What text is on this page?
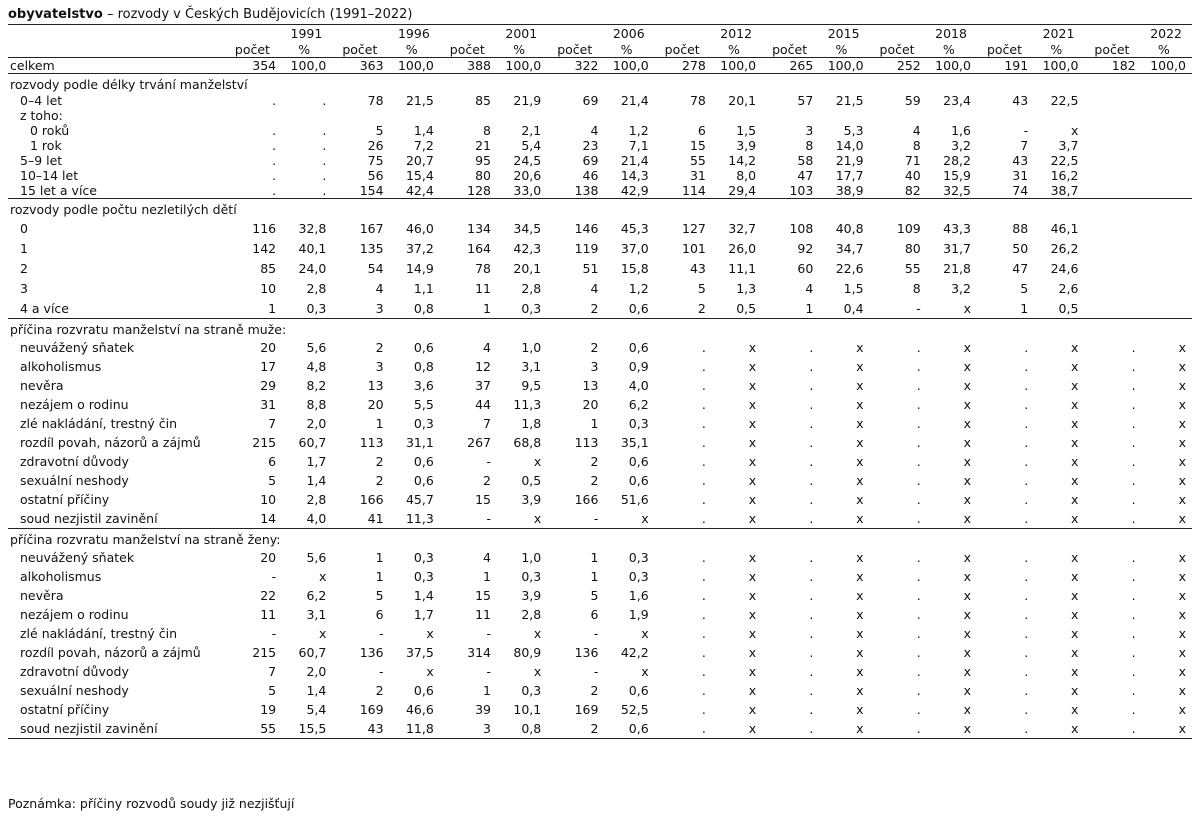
obyvatelstvo – rozvody v Českých Budějovicích (1991–2022)
	1991		1996		2001		2006		2012		2015		2018		2021		2022	
	počet	%	počet	%	počet	%	počet	%	počet	%	počet	%	počet	%	počet	%	počet	%
celkem	354	100,0	363	100,0	388	100,0	322	100,0	278	100,0	265	100,0	252	100,0	191	100,0	182	100,0
rozvody podle délky trvání manželství																		
0–4 let	.	.	78	21,5	85	21,9	69	21,4	78	20,1	57	21,5	59	23,4	43	22,5		
z toho:																		
0 roků	.	.	5	1,4	8	2,1	4	1,2	6	1,5	3	5,3	4	1,6	-	x		
1 rok	.	.	26	7,2	21	5,4	23	7,1	15	3,9	8	14,0	8	3,2	7	3,7		
5–9 let	.	.	75	20,7	95	24,5	69	21,4	55	14,2	58	21,9	71	28,2	43	22,5		
10–14 let	.	.	56	15,4	80	20,6	46	14,3	31	8,0	47	17,7	40	15,9	31	16,2		
15 let a více	.	.	154	42,4	128	33,0	138	42,9	114	29,4	103	38,9	82	32,5	74	38,7		
rozvody podle počtu nezletilých dětí																		
0	116	32,8	167	46,0	134	34,5	146	45,3	127	32,7	108	40,8	109	43,3	88	46,1		
1	142	40,1	135	37,2	164	42,3	119	37,0	101	26,0	92	34,7	80	31,7	50	26,2		
2	85	24,0	54	14,9	78	20,1	51	15,8	43	11,1	60	22,6	55	21,8	47	24,6		
3	10	2,8	4	1,1	11	2,8	4	1,2	5	1,3	4	1,5	8	3,2	5	2,6		
4 a více	1	0,3	3	0,8	1	0,3	2	0,6	2	0,5	1	0,4	-	x	1	0,5		
příčina rozvratu manželství na straně muže:																		
neuvážený sňatek	20	5,6	2	0,6	4	1,0	2	0,6	.	x	.	x	.	x	.	x	.	x
alkoholismus	17	4,8	3	0,8	12	3,1	3	0,9	.	x	.	x	.	x	.	x	.	x
nevěra	29	8,2	13	3,6	37	9,5	13	4,0	.	x	.	x	.	x	.	x	.	x
nezájem o rodinu	31	8,8	20	5,5	44	11,3	20	6,2	.	x	.	x	.	x	.	x	.	x
zlé nakládání, trestný čin	7	2,0	1	0,3	7	1,8	1	0,3	.	x	.	x	.	x	.	x	.	x
rozdíl povah, názorů a zájmů	215	60,7	113	31,1	267	68,8	113	35,1	.	x	.	x	.	x	.	x	.	x
zdravotní důvody	6	1,7	2	0,6	-	x	2	0,6	.	x	.	x	.	x	.	x	.	x
sexuální neshody	5	1,4	2	0,6	2	0,5	2	0,6	.	x	.	x	.	x	.	x	.	x
ostatní příčiny	10	2,8	166	45,7	15	3,9	166	51,6	.	x	.	x	.	x	.	x	.	x
soud nezjistil zavinění	14	4,0	41	11,3	-	x	-	x	.	x	.	x	.	x	.	x	.	x
příčina rozvratu manželství na straně ženy:																		
neuvážený sňatek	20	5,6	1	0,3	4	1,0	1	0,3	.	x	.	x	.	x	.	x	.	x
alkoholismus	-	x	1	0,3	1	0,3	1	0,3	.	x	.	x	.	x	.	x	.	x
nevěra	22	6,2	5	1,4	15	3,9	5	1,6	.	x	.	x	.	x	.	x	.	x
nezájem o rodinu	11	3,1	6	1,7	11	2,8	6	1,9	.	x	.	x	.	x	.	x	.	x
zlé nakládání, trestný čin	-	x	-	x	-	x	-	x	.	x	.	x	.	x	.	x	.	x
rozdíl povah, názorů a zájmů	215	60,7	136	37,5	314	80,9	136	42,2	.	x	.	x	.	x	.	x	.	x
zdravotní důvody	7	2,0	-	x	-	x	-	x	.	x	.	x	.	x	.	x	.	x
sexuální neshody	5	1,4	2	0,6	1	0,3	2	0,6	.	x	.	x	.	x	.	x	.	x
ostatní příčiny	19	5,4	169	46,6	39	10,1	169	52,5	.	x	.	x	.	x	.	x	.	x
soud nezjistil zavinění	55	15,5	43	11,8	3	0,8	2	0,6	.	x	.	x	.	x	.	x	.	x
Poznámka: příčiny rozvodů soudy již nezjišťují
